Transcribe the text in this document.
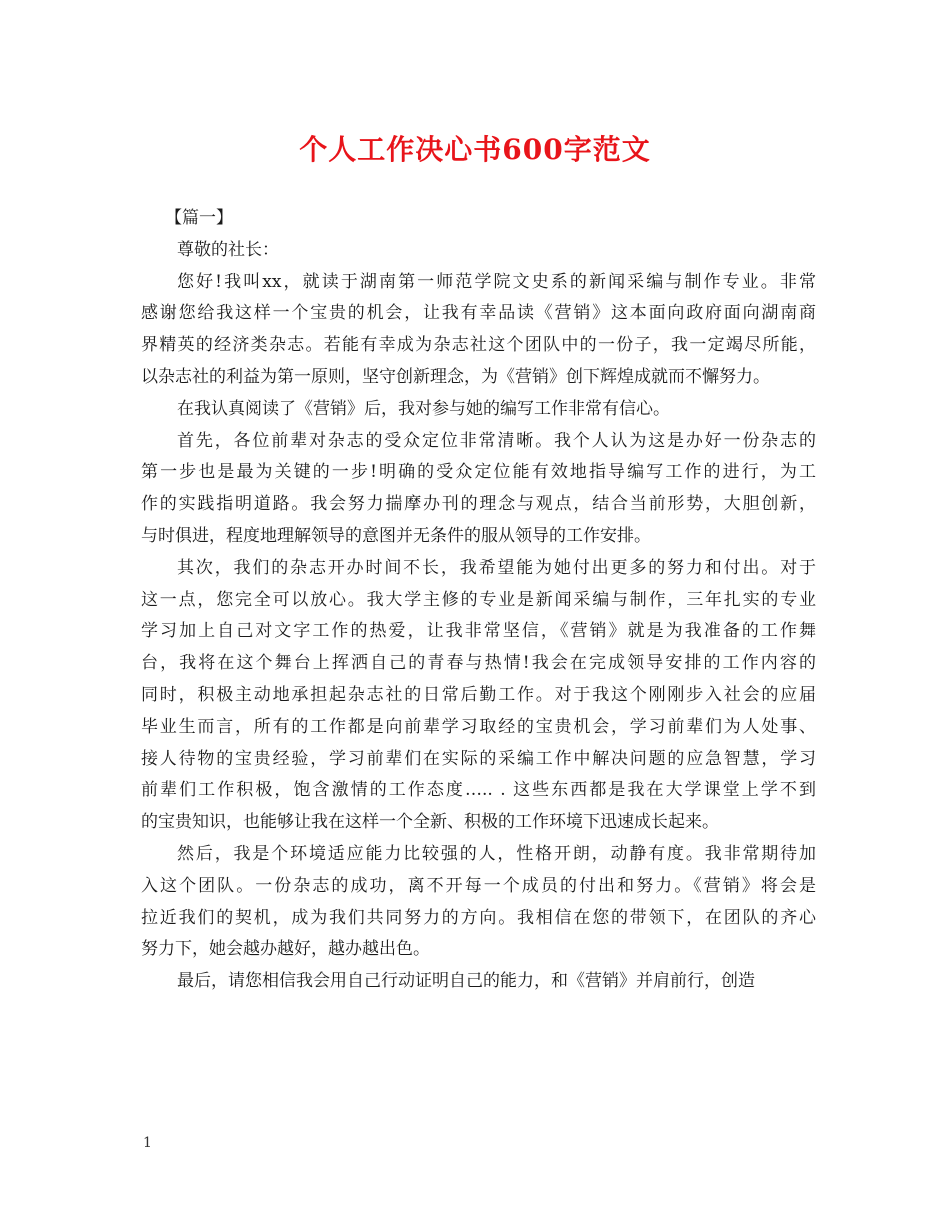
个人工作决心书600字范文

【篇一】

尊敬的社长：

您好!我叫xx，就读于湖南第一师范学院文史系的新闻采编与制作专业。非常
感谢您给我这样一个宝贵的机会，让我有幸品读《营销》这本面向政府面向湖南商
界精英的经济类杂志。若能有幸成为杂志社这个团队中的一份子，我一定竭尽所能，
以杂志社的利益为第一原则，坚守创新理念，为《营销》创下辉煌成就而不懈努力。

在我认真阅读了《营销》后，我对参与她的编写工作非常有信心。

首先，各位前辈对杂志的受众定位非常清晰。我个人认为这是办好一份杂志的
第一步也是最为关键的一步!明确的受众定位能有效地指导编写工作的进行，为工
作的实践指明道路。我会努力揣摩办刊的理念与观点，结合当前形势，大胆创新，
与时俱进，程度地理解领导的意图并无条件的服从领导的工作安排。

其次，我们的杂志开办时间不长，我希望能为她付出更多的努力和付出。对于
这一点，您完全可以放心。我大学主修的专业是新闻采编与制作，三年扎实的专业
学习加上自己对文字工作的热爱，让我非常坚信，《营销》就是为我准备的工作舞
台，我将在这个舞台上挥洒自己的青春与热情!我会在完成领导安排的工作内容的
同时，积极主动地承担起杂志社的日常后勤工作。对于我这个刚刚步入社会的应届
毕业生而言，所有的工作都是向前辈学习取经的宝贵机会，学习前辈们为人处事、
接人待物的宝贵经验，学习前辈们在实际的采编工作中解决问题的应急智慧，学习
前辈们工作积极，饱含激情的工作态度….. . 这些东西都是我在大学课堂上学不到
的宝贵知识，也能够让我在这样一个全新、积极的工作环境下迅速成长起来。

然后，我是个环境适应能力比较强的人，性格开朗，动静有度。我非常期待加
入这个团队。一份杂志的成功，离不开每一个成员的付出和努力。《营销》将会是
拉近我们的契机，成为我们共同努力的方向。我相信在您的带领下，在团队的齐心
努力下，她会越办越好，越办越出色。

最后，请您相信我会用自己行动证明自己的能力，和《营销》并肩前行，创造

1
